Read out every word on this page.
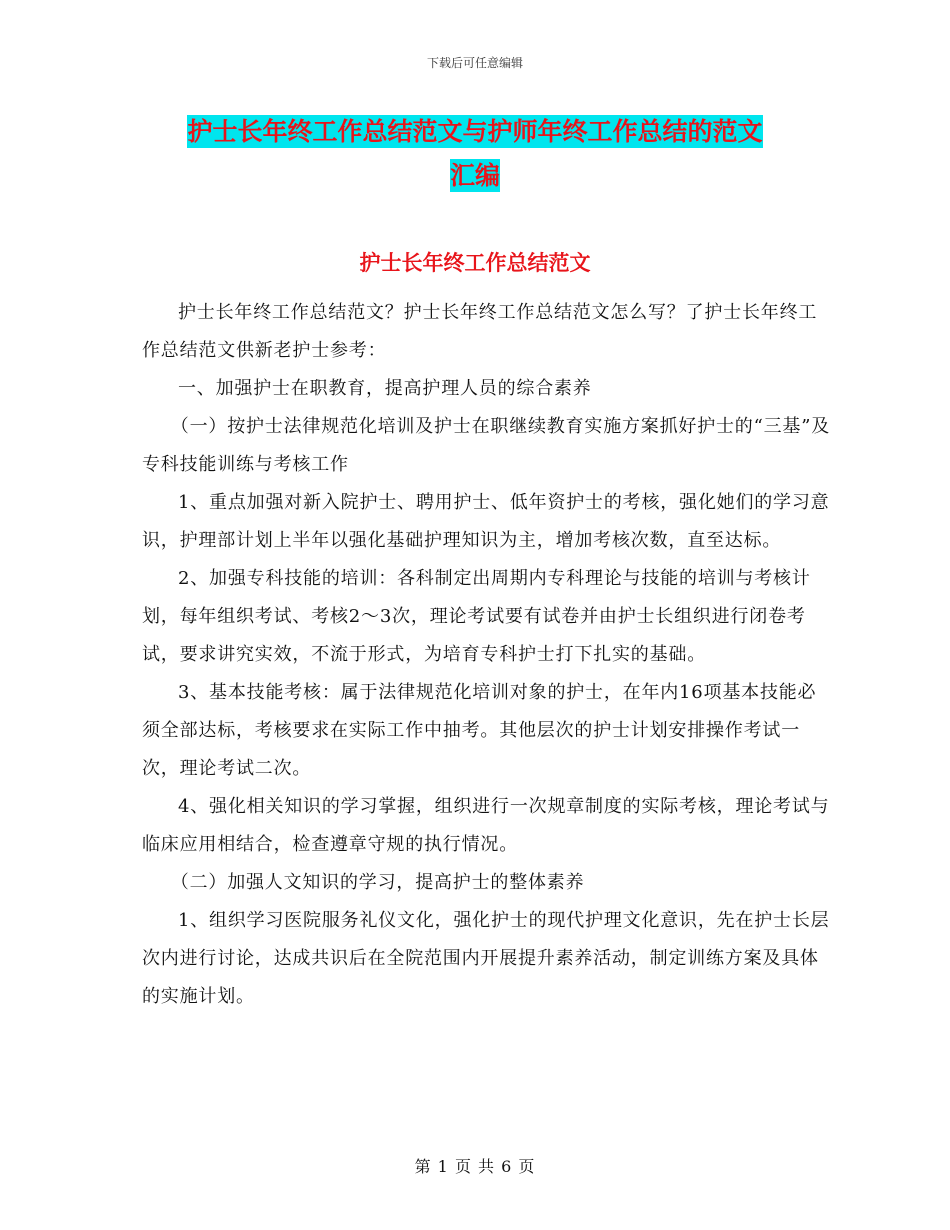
下载后可任意编辑
护士长年终工作总结范文与护师年终工作总结的范文
汇编
护士长年终工作总结范文

护士长年终工作总结范文？护士长年终工作总结范文怎么写？了护士长年终工作总结范文供新老护士参考：

一、加强护士在职教育，提高护理人员的综合素养

（一）按护士法律规范化培训及护士在职继续教育实施方案抓好护士的“三基”及专科技能训练与考核工作

1、重点加强对新入院护士、聘用护士、低年资护士的考核，强化她们的学习意识，护理部计划上半年以强化基础护理知识为主，增加考核次数，直至达标。

2、加强专科技能的培训：各科制定出周期内专科理论与技能的培训与考核计划，每年组织考试、考核2～3次，理论考试要有试卷并由护士长组织进行闭卷考试，要求讲究实效，不流于形式，为培育专科护士打下扎实的基础。

3、基本技能考核：属于法律规范化培训对象的护士，在年内16项基本技能必须全部达标，考核要求在实际工作中抽考。其他层次的护士计划安排操作考试一次，理论考试二次。

4、强化相关知识的学习掌握，组织进行一次规章制度的实际考核，理论考试与临床应用相结合，检查遵章守规的执行情况。

（二）加强人文知识的学习，提高护士的整体素养

1、组织学习医院服务礼仪文化，强化护士的现代护理文化意识，先在护士长层次内进行讨论，达成共识后在全院范围内开展提升素养活动，制定训练方案及具体的实施计划。

第 1 页 共 6 页
